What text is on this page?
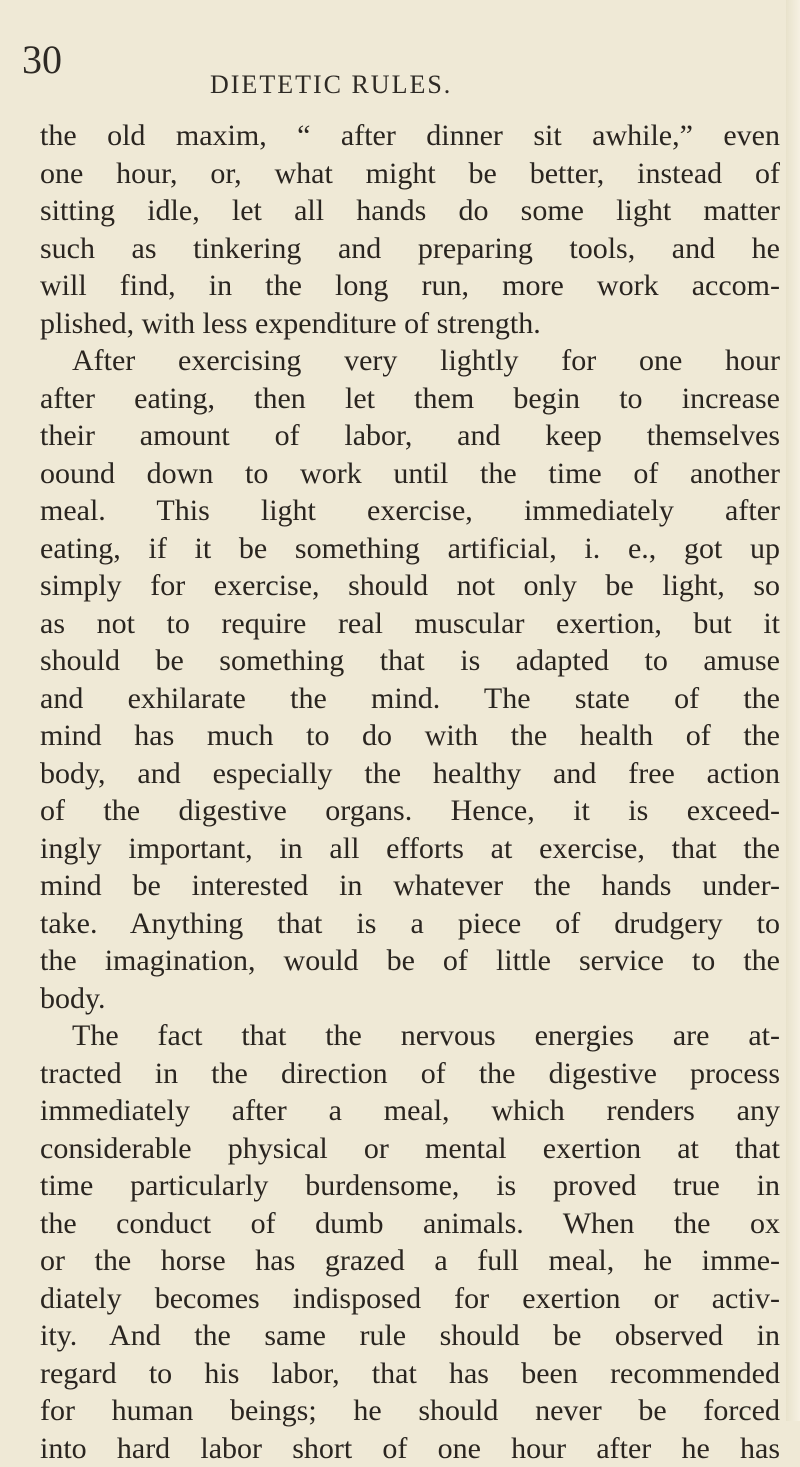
30
DIETETIC RULES.
the old maxim, “ after dinner sit awhile,” even
one hour, or, what might be better, instead of
sitting idle, let all hands do some light matter
such as tinkering and preparing tools, and he
will find, in the long run, more work accom-
plished, with less expenditure of strength.
After exercising very lightly for one hour
after eating, then let them begin to increase
their amount of labor, and keep themselves
oound down to work until the time of another
meal. This light exercise, immediately after
eating, if it be something artificial, i. e., got up
simply for exercise, should not only be light, so
as not to require real muscular exertion, but it
should be something that is adapted to amuse
and exhilarate the mind. The state of the
mind has much to do with the health of the
body, and especially the healthy and free action
of the digestive organs. Hence, it is exceed-
ingly important, in all efforts at exercise, that the
mind be interested in whatever the hands under-
take. Anything that is a piece of drudgery to
the imagination, would be of little service to the
body.
The fact that the nervous energies are at-
tracted in the direction of the digestive process
immediately after a meal, which renders any
considerable physical or mental exertion at that
time particularly burdensome, is proved true in
the conduct of dumb animals. When the ox
or the horse has grazed a full meal, he imme-
diately becomes indisposed for exertion or activ-
ity. And the same rule should be observed in
regard to his labor, that has been recommended
for human beings; he should never be forced
into hard labor short of one hour after he has
